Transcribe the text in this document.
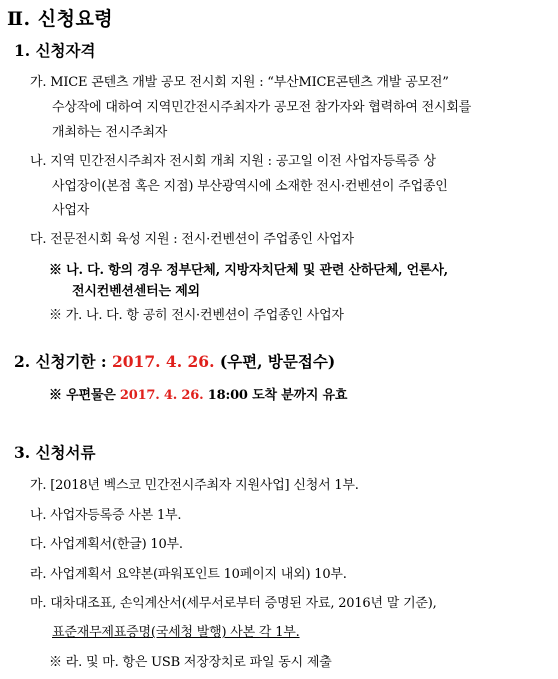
Ⅱ. 신청요령
1. 신청자격
가. MICE 콘텐츠 개발 공모 전시회 지원 : “부산MICE콘텐츠 개발 공모전”
수상작에 대하여 지역민간전시주최자가 공모전 참가자와 협력하여 전시회를
개최하는 전시주최자
나. 지역 민간전시주최자 전시회 개최 지원 : 공고일 이전 사업자등록증 상
사업장이(본점 혹은 지점) 부산광역시에 소재한 전시·컨벤션이 주업종인
사업자
다. 전문전시회 육성 지원 : 전시·컨벤션이 주업종인 사업자
※ 나. 다. 항의 경우 정부단체, 지방자치단체 및 관련 산하단체, 언론사,
전시컨벤션센터는 제외
※ 가. 나. 다. 항 공히 전시·컨벤션이 주업종인 사업자
2. 신청기한 : 2017. 4. 26. (우편, 방문접수)
※ 우편물은 2017. 4. 26. 18:00 도착 분까지 유효
3. 신청서류
가. [2018년 벡스코 민간전시주최자 지원사업] 신청서 1부.
나. 사업자등록증 사본 1부.
다. 사업계획서(한글) 10부.
라. 사업계획서 요약본(파워포인트 10페이지 내외) 10부.
마. 대차대조표, 손익계산서(세무서로부터 증명된 자료, 2016년 말 기준),
표준재무제표증명(국세청 발행) 사본 각 1부.
※ 라. 및 마. 항은 USB 저장장치로 파일 동시 제출
